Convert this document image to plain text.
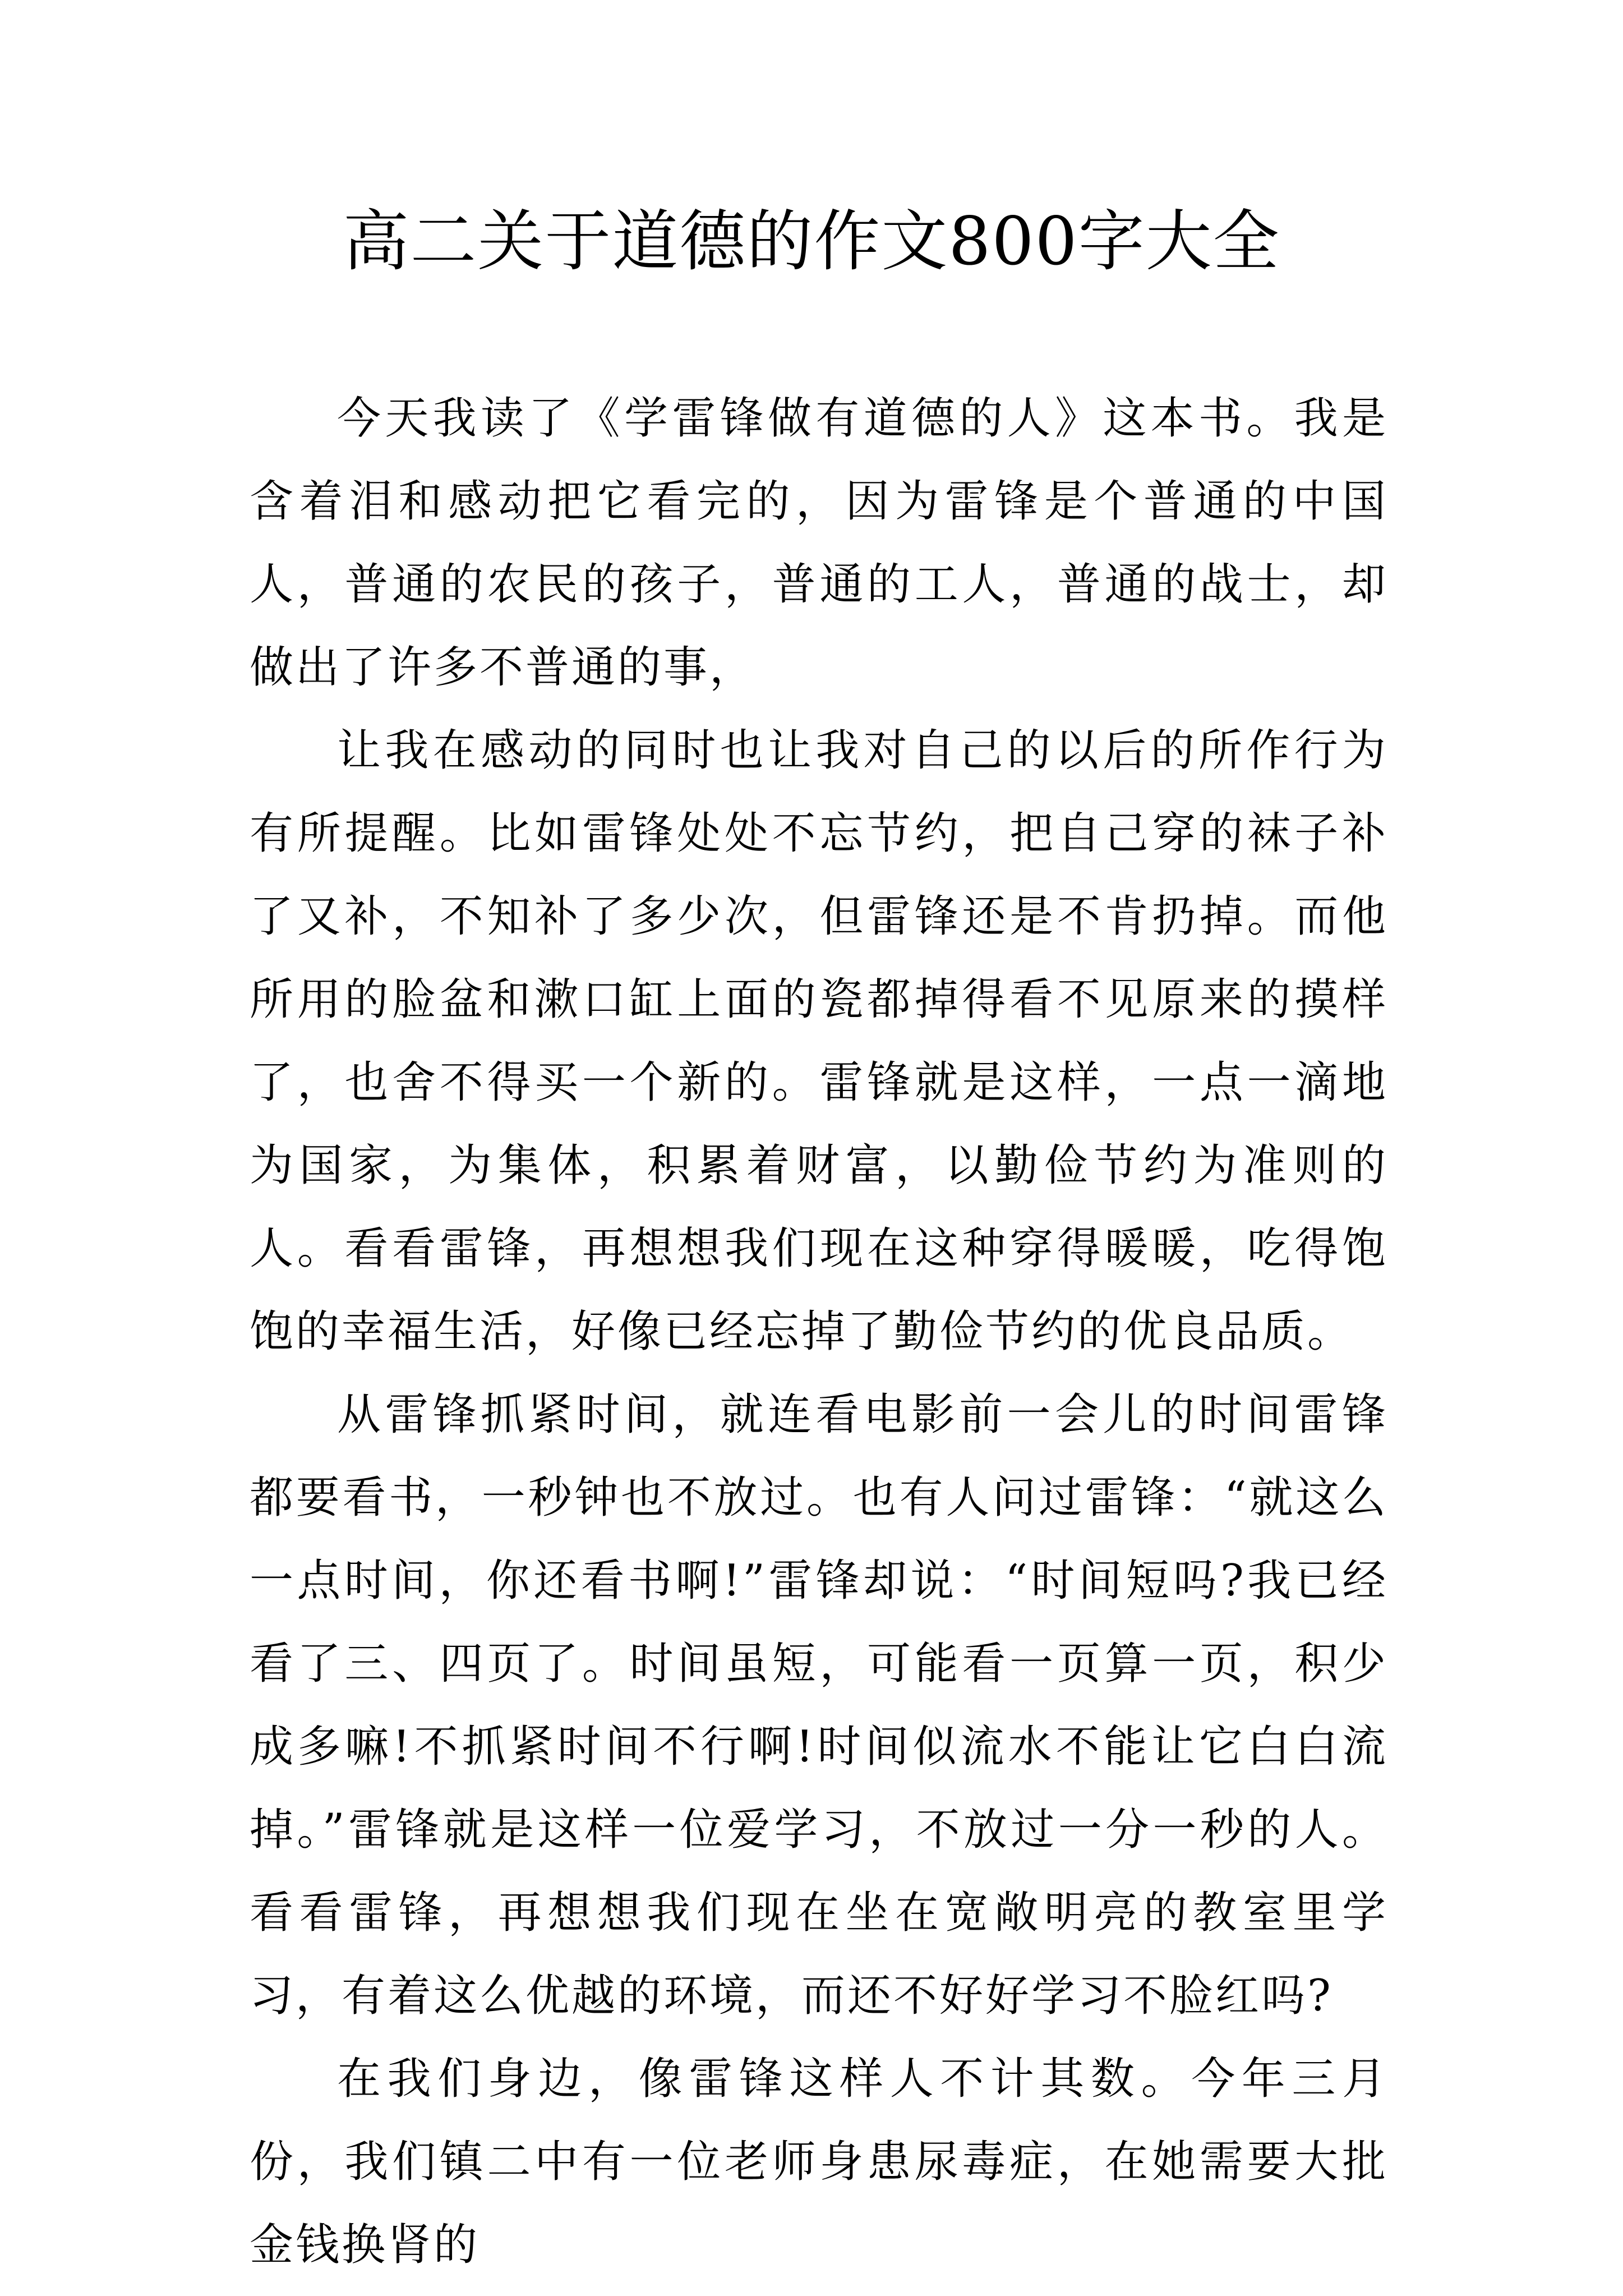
高二关于道德的作文800字大全

今天我读了《学雷锋做有道德的人》这本书。我是含着泪和感动把它看完的，因为雷锋是个普通的中国人，普通的农民的孩子，普通的工人，普通的战士，却做出了许多不普通的事，

让我在感动的同时也让我对自己的以后的所作行为有所提醒。比如雷锋处处不忘节约，把自己穿的袜子补了又补，不知补了多少次，但雷锋还是不肯扔掉。而他所用的脸盆和漱口缸上面的瓷都掉得看不见原来的摸样了，也舍不得买一个新的。雷锋就是这样，一点一滴地为国家，为集体，积累着财富，以勤俭节约为准则的人。看看雷锋，再想想我们现在这种穿得暖暖，吃得饱饱的幸福生活，好像已经忘掉了勤俭节约的优良品质。

从雷锋抓紧时间，就连看电影前一会儿的时间雷锋都要看书，一秒钟也不放过。也有人问过雷锋：“就这么一点时间，你还看书啊!”雷锋却说：“时间短吗?我已经看了三、四页了。时间虽短，可能看一页算一页，积少成多嘛!不抓紧时间不行啊!时间似流水不能让它白白流掉。”雷锋就是这样一位爱学习，不放过一分一秒的人。看看雷锋，再想想我们现在坐在宽敞明亮的教室里学习，有着这么优越的环境，而还不好好学习不脸红吗?

在我们身边，像雷锋这样人不计其数。今年三月份，我们镇二中有一位老师身患尿毒症，在她需要大批金钱换肾的
